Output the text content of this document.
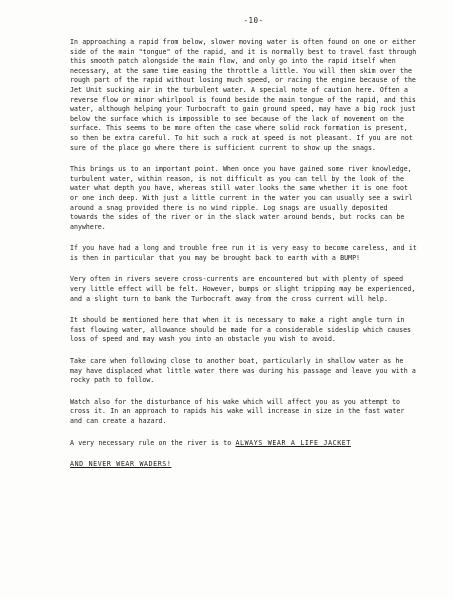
-10-

In approaching a rapid from below, slower moving water is often found on one or either side of the main "tongue" of the rapid, and it is normally best to travel fast through this smooth patch alongside the main flow, and only go into the rapid itself when necessary, at the same time easing the throttle a little. You will then skim over the rough part of the rapid without losing much speed, or racing the engine because of the Jet Unit sucking air in the turbulent water. A special note of caution here. Often a reverse flow or minor whirlpool is found beside the main tongue of the rapid, and this water, although helping your Turbocraft to gain ground speed, may have a big rock just below the surface which is impossible to see because of the lack of movement on the surface. This seems to be more often the case where solid rock formation is present, so then be extra careful. To hit such a rock at speed is not pleasant. If you are not sure of the place go where there is sufficient current to show up the snags.

This brings us to an important point. When once you have gained some river knowledge, turbulent water, within reason, is not difficult as you can tell by the look of the water what depth you have, whereas still water looks the same whether it is one foot or one inch deep. With just a little current in the water you can usually see a swirl around a snag provided there is no wind ripple. Log snags are usually deposited towards the sides of the river or in the slack water around bends, but rocks can be anywhere.

If you have had a long and trouble free run it is very easy to become careless, and it is then in particular that you may be brought back to earth with a BUMP!

Very often in rivers severe cross-currents are encountered but with plenty of speed very little effect will be felt. However, bumps or slight tripping may be experienced, and a slight turn to bank the Turbocraft away from the cross current will help.

It should be mentioned here that when it is necessary to make a right angle turn in fast flowing water, allowance should be made for a considerable sideslip which causes loss of speed and may wash you into an obstacle you wish to avoid.

Take care when following close to another boat, particularly in shallow water as he may have displaced what little water there was during his passage and leave you with a rocky path to follow.

Watch also for the disturbance of his wake which will affect you as you attempt to cross it. In an approach to rapids his wake will increase in size in the fast water and can create a hazard.

A very necessary rule on the river is to ALWAYS WEAR A LIFE JACKET

AND NEVER WEAR WADERS!
